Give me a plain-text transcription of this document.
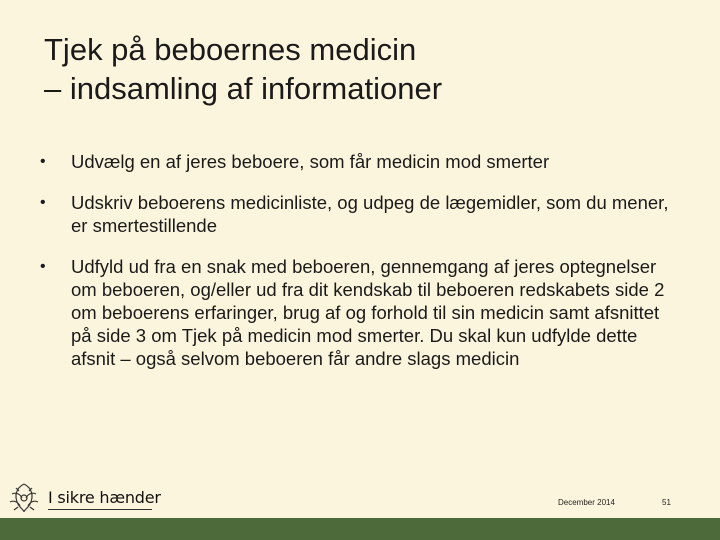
Tjek på beboernes medicin
– indsamling af informationer
• Udvælg en af jeres beboere, som får medicin mod smerter
• Udskriv beboerens medicinliste, og udpeg de lægemidler, som du mener, er smertestillende
• Udfyld ud fra en snak med beboeren, gennemgang af jeres optegnelser om beboeren, og/eller ud fra dit kendskab til beboeren redskabets side 2 om beboerens erfaringer, brug af og forhold til sin medicin samt afsnittet på side 3 om Tjek på medicin mod smerter. Du skal kun udfylde dette afsnit – også selvom beboeren får andre slags medicin
I sikre hænder	December 2014	51
